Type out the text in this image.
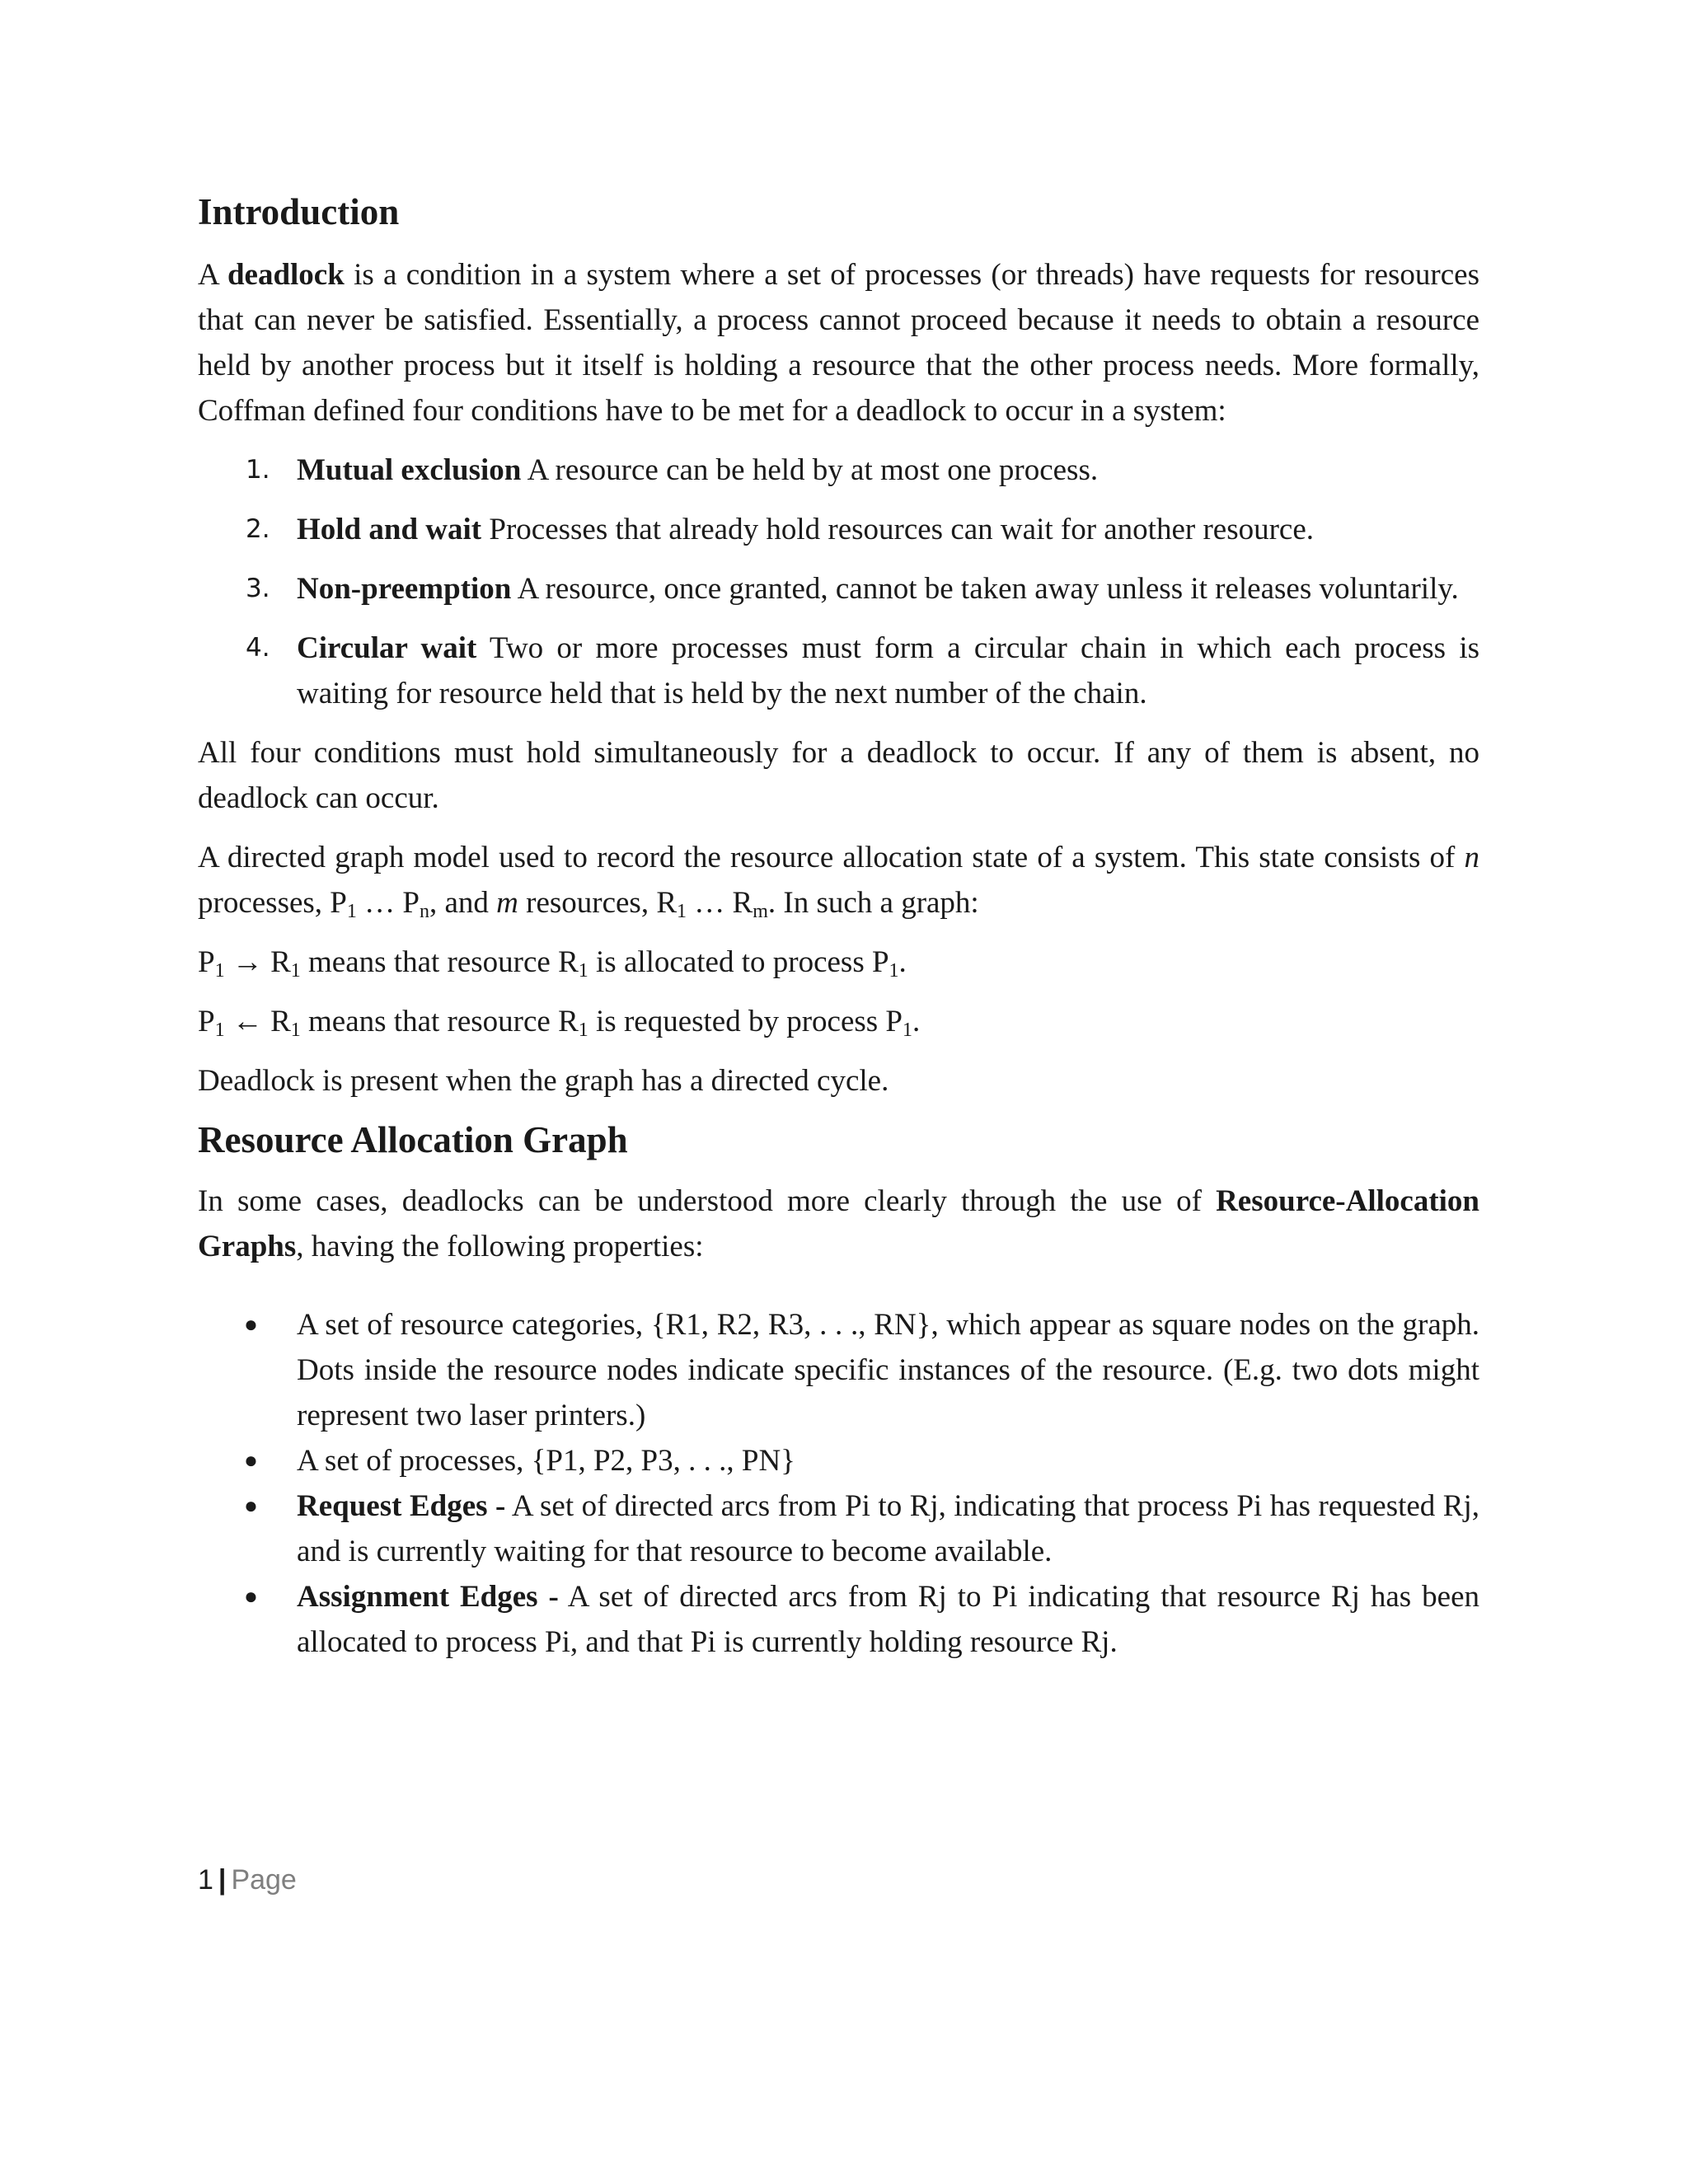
Introduction

A deadlock is a condition in a system where a set of processes (or threads) have requests for resources that can never be satisfied. Essentially, a process cannot proceed because it needs to obtain a resource held by another process but it itself is holding a resource that the other process needs. More formally, Coffman defined four conditions have to be met for a deadlock to occur in a system:

1. Mutual exclusion A resource can be held by at most one process.
2. Hold and wait Processes that already hold resources can wait for another resource.
3. Non-preemption A resource, once granted, cannot be taken away unless it releases voluntarily.
4. Circular wait Two or more processes must form a circular chain in which each process is waiting for resource held that is held by the next number of the chain.

All four conditions must hold simultaneously for a deadlock to occur. If any of them is absent, no deadlock can occur.

A directed graph model used to record the resource allocation state of a system. This state consists of n processes, $P_1$ … $P_n$, and m resources, $R_1$ … $R_m$. In such a graph:

$P_1 \to R_1$ means that resource $R_1$ is allocated to process $P_1$.

$P_1$ ← $R_1$ means that resource $R_1$ is requested by process $P_1$.

Deadlock is present when the graph has a directed cycle.

Resource Allocation Graph

In some cases, deadlocks can be understood more clearly through the use of Resource-Allocation Graphs, having the following properties:

● A set of resource categories, {R1, R2, R3, . . ., RN}, which appear as square nodes on the graph. Dots inside the resource nodes indicate specific instances of the resource. (E.g. two dots might represent two laser printers.)
● A set of processes, {P1, P2, P3, . . ., PN}
● Request Edges - A set of directed arcs from Pi to Rj, indicating that process Pi has requested Rj, and is currently waiting for that resource to become available.
● Assignment Edges - A set of directed arcs from Rj to Pi indicating that resource Rj has been allocated to process Pi, and that Pi is currently holding resource Rj.
1 | Page
